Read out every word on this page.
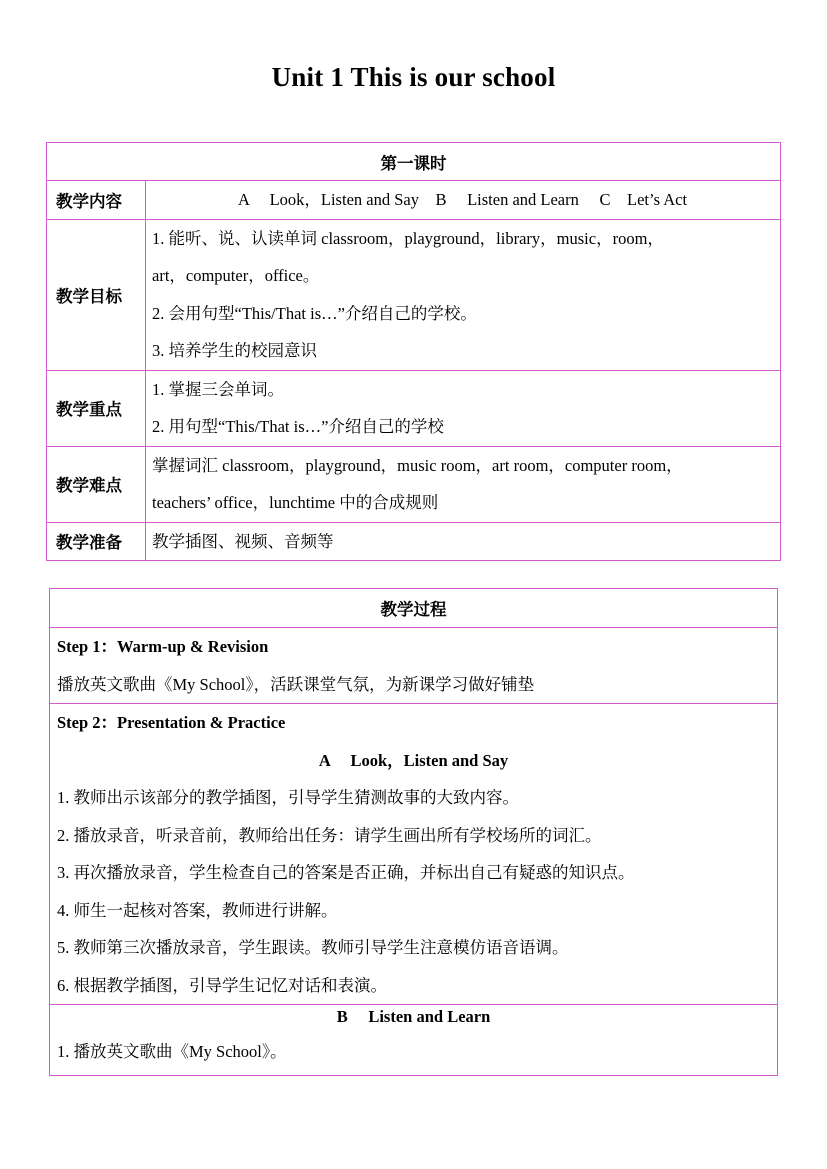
Unit 1 This is our school
第一课时	
教学内容	A　 Look，Listen and Say　B　 Listen and Learn　 C　Let’s Act

教学目标	1. 能听、说、认读单词 classroom，playground，library，music，room，
art，computer，office。
2. 会用句型“This/That is…”介绍自己的学校。
3. 培养学生的校园意识

教学重点	1. 掌握三会单词。
2. 用句型“This/That is…”介绍自己的学校

教学难点	掌握词汇 classroom，playground，music room，art room，computer room，
teachers’ office，lunchtime 中的合成规则

教学准备	教学插图、视频、音频等
教学过程

Step 1：Warm-up & Revision
播放英文歌曲《My School》，活跃课堂气氛，为新课学习做好铺垫

Step 2：Presentation & Practice
A　 Look，Listen and Say
1. 教师出示该部分的教学插图，引导学生猜测故事的大致内容。
2. 播放录音，听录音前，教师给出任务：请学生画出所有学校场所的词汇。
3. 再次播放录音，学生检查自己的答案是否正确，并标出自己有疑惑的知识点。
4. 师生一起核对答案，教师进行讲解。
5. 教师第三次播放录音，学生跟读。教师引导学生注意模仿语音语调。
6. 根据教学插图，引导学生记忆对话和表演。

B　 Listen and Learn
1. 播放英文歌曲《My School》。
